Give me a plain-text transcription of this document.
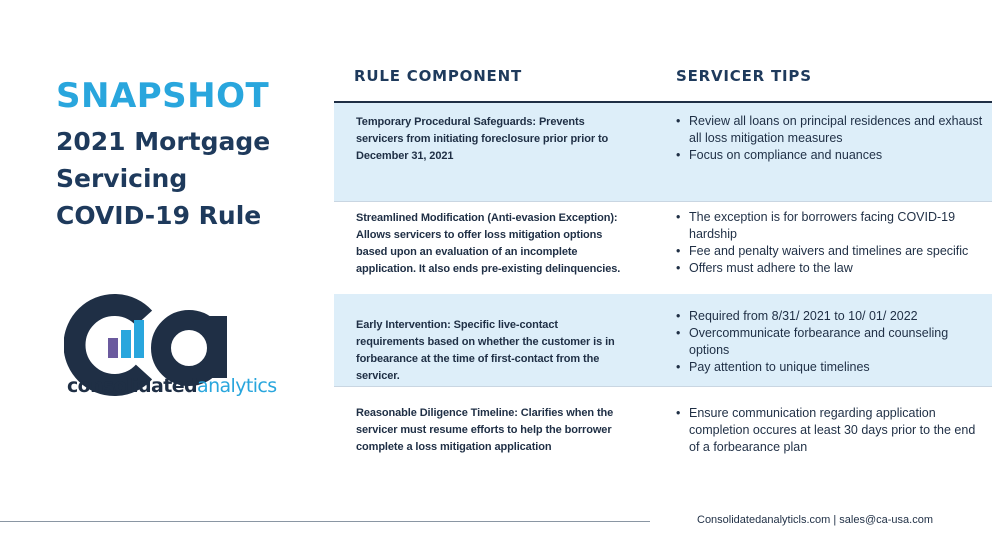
SNAPSHOT
2021 Mortgage
Servicing
COVID-19 Rule
consolidatedanalytics
RULE COMPONENT	SERVICER TIPS
Temporary Procedural Safeguards: Prevents servicers from initiating foreclosure prior prior to December 31, 2021
• Review all loans on principal residences and exhaust all loss mitigation measures
• Focus on compliance and nuances
Streamlined Modification (Anti-evasion Exception): Allows servicers to offer loss mitigation options based upon an evaluation of an incomplete application. It also ends pre-existing delinquencies.
• The exception is for borrowers facing COVID-19 hardship
• Fee and penalty waivers and timelines are specific
• Offers must adhere to the law
Early Intervention: Specific live-contact requirements based on whether the customer is in forbearance at the time of first-contact from the servicer.
• Required from 8/31/ 2021 to 10/ 01/ 2022
• Overcommunicate forbearance and counseling options
• Pay attention to unique timelines
Reasonable Diligence Timeline: Clarifies when the servicer must resume efforts to help the borrower complete a loss mitigation application
• Ensure communication regarding application completion occures at least 30 days prior to the end of a forbearance plan
Consolidatedanalyticls.com | sales@ca-usa.com
